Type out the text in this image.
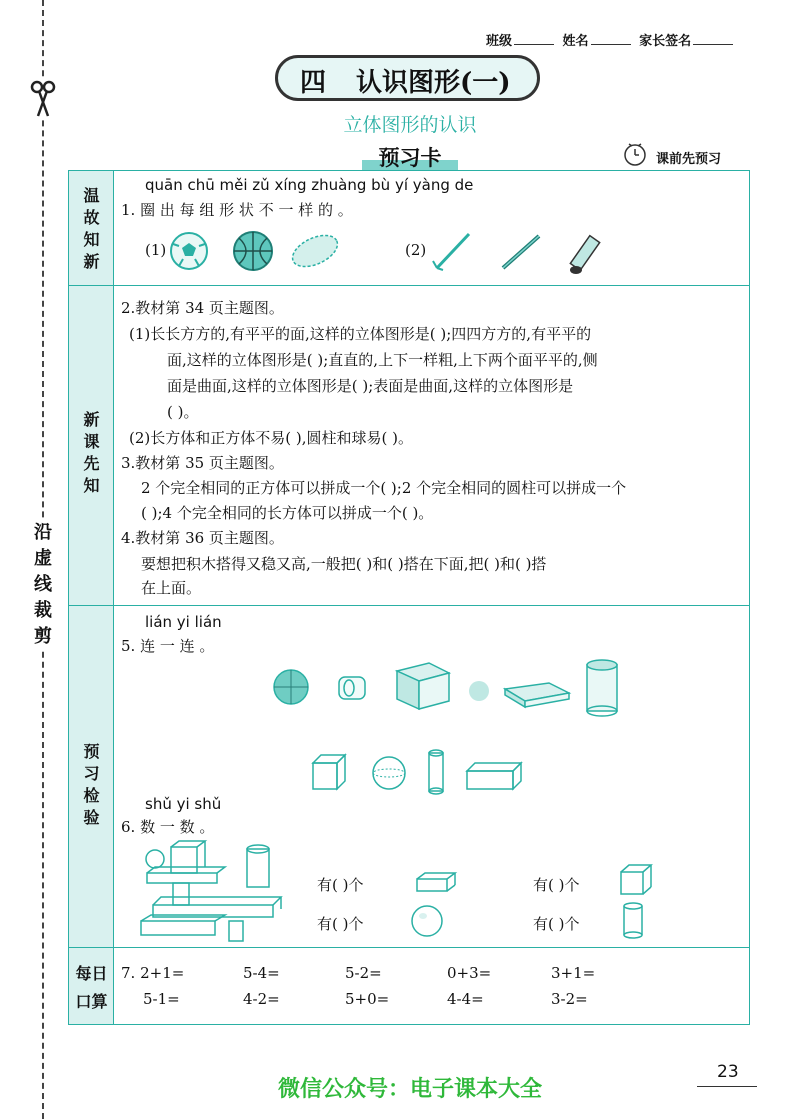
沿虚线裁剪
班级	姓名	家长签名
四 认识图形(一)
立体图形的认识
预习卡	课前先预习
温
故
知
新
新
课
先
知
预
习
检
验
每日
口算
quān chū měi zǔ xíng zhuàng bù yí yàng de
1. 圈 出 每 组 形 状 不 一 样 的 。
(1)	(2)
2.教材第 34 页主题图。
(1)长长方方的,有平平的面,这样的立体图形是( );四四方方的,有平平的
面,这样的立体图形是( );直直的,上下一样粗,上下两个面平平的,侧
面是曲面,这样的立体图形是( );表面是曲面,这样的立体图形是
( )。
(2)长方体和正方体不易( ),圆柱和球易( )。
3.教材第 35 页主题图。
2 个完全相同的正方体可以拼成一个( );2 个完全相同的圆柱可以拼成一个
( );4 个完全相同的长方体可以拼成一个( )。
4.教材第 36 页主题图。
要想把积木搭得又稳又高,一般把( )和( )搭在下面,把( )和( )搭
在上面。
lián yi lián
5. 连 一 连 。
shǔ yi shǔ
6. 数 一 数 。
有( )个	有( )个
有( )个	有( )个
7. 2+1=	5-4=	5-2=	0+3=	3+1=
5-1=	4-2=	5+0=	4-4=	3-2=
23
微信公众号：电子课本大全
